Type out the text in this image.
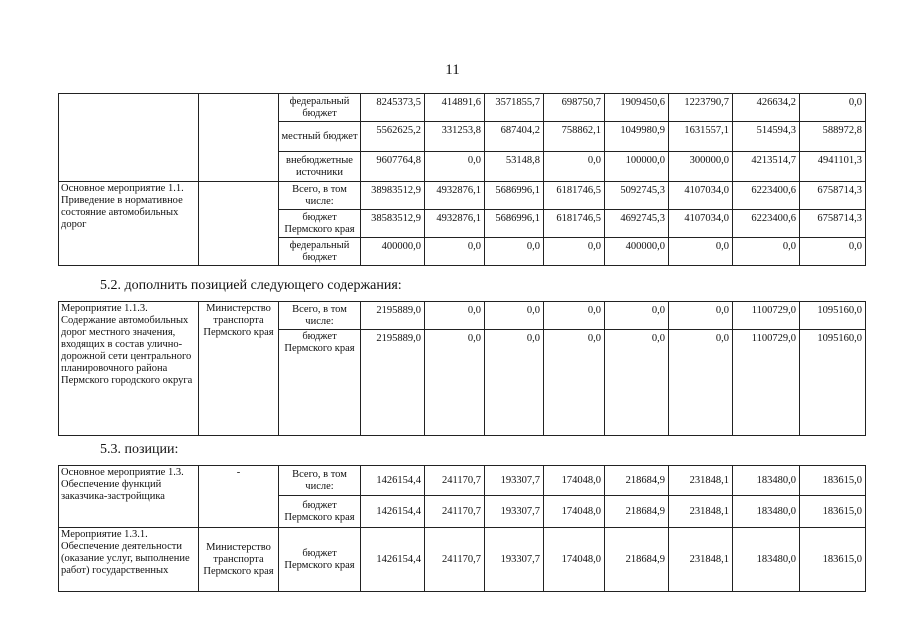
11
		федеральный бюджет	8245373,5	414891,6	3571855,7	698750,7	1909450,6	1223790,7	426634,2	0,0
		местный бюджет	5562625,2	331253,8	687404,2	758862,1	1049980,9	1631557,1	514594,3	588972,8
		внебюджетные источники	9607764,8	0,0	53148,8	0,0	100000,0	300000,0	4213514,7	4941101,3
Основное мероприятие 1.1. Приведение в нормативное состояние автомобильных дорог		Всего, в том числе:	38983512,9	4932876,1	5686996,1	6181746,5	5092745,3	4107034,0	6223400,6	6758714,3
		бюджет Пермского края	38583512,9	4932876,1	5686996,1	6181746,5	4692745,3	4107034,0	6223400,6	6758714,3
		федеральный бюджет	400000,0	0,0	0,0	0,0	400000,0	0,0	0,0	0,0
5.2. дополнить позицией следующего содержания:
Мероприятие 1.1.3. Содержание автомобильных дорог местного значения, входящих в состав улично-дорожной сети центрального планировочного района Пермского городского округа	Министерство транспорта Пермского края	Всего, в том числе:	2195889,0	0,0	0,0	0,0	0,0	0,0	1100729,0	1095160,0
		бюджет Пермского края	2195889,0	0,0	0,0	0,0	0,0	0,0	1100729,0	1095160,0
5.3. позиции:
Основное мероприятие 1.3. Обеспечение функций заказчика-застройщика	-	Всего, в том числе:	1426154,4	241170,7	193307,7	174048,0	218684,9	231848,1	183480,0	183615,0
		бюджет Пермского края	1426154,4	241170,7	193307,7	174048,0	218684,9	231848,1	183480,0	183615,0
Мероприятие 1.3.1. Обеспечение деятельности (оказание услуг, выполнение работ) государственных	Министерство транспорта Пермского края	бюджет Пермского края	1426154,4	241170,7	193307,7	174048,0	218684,9	231848,1	183480,0	183615,0
